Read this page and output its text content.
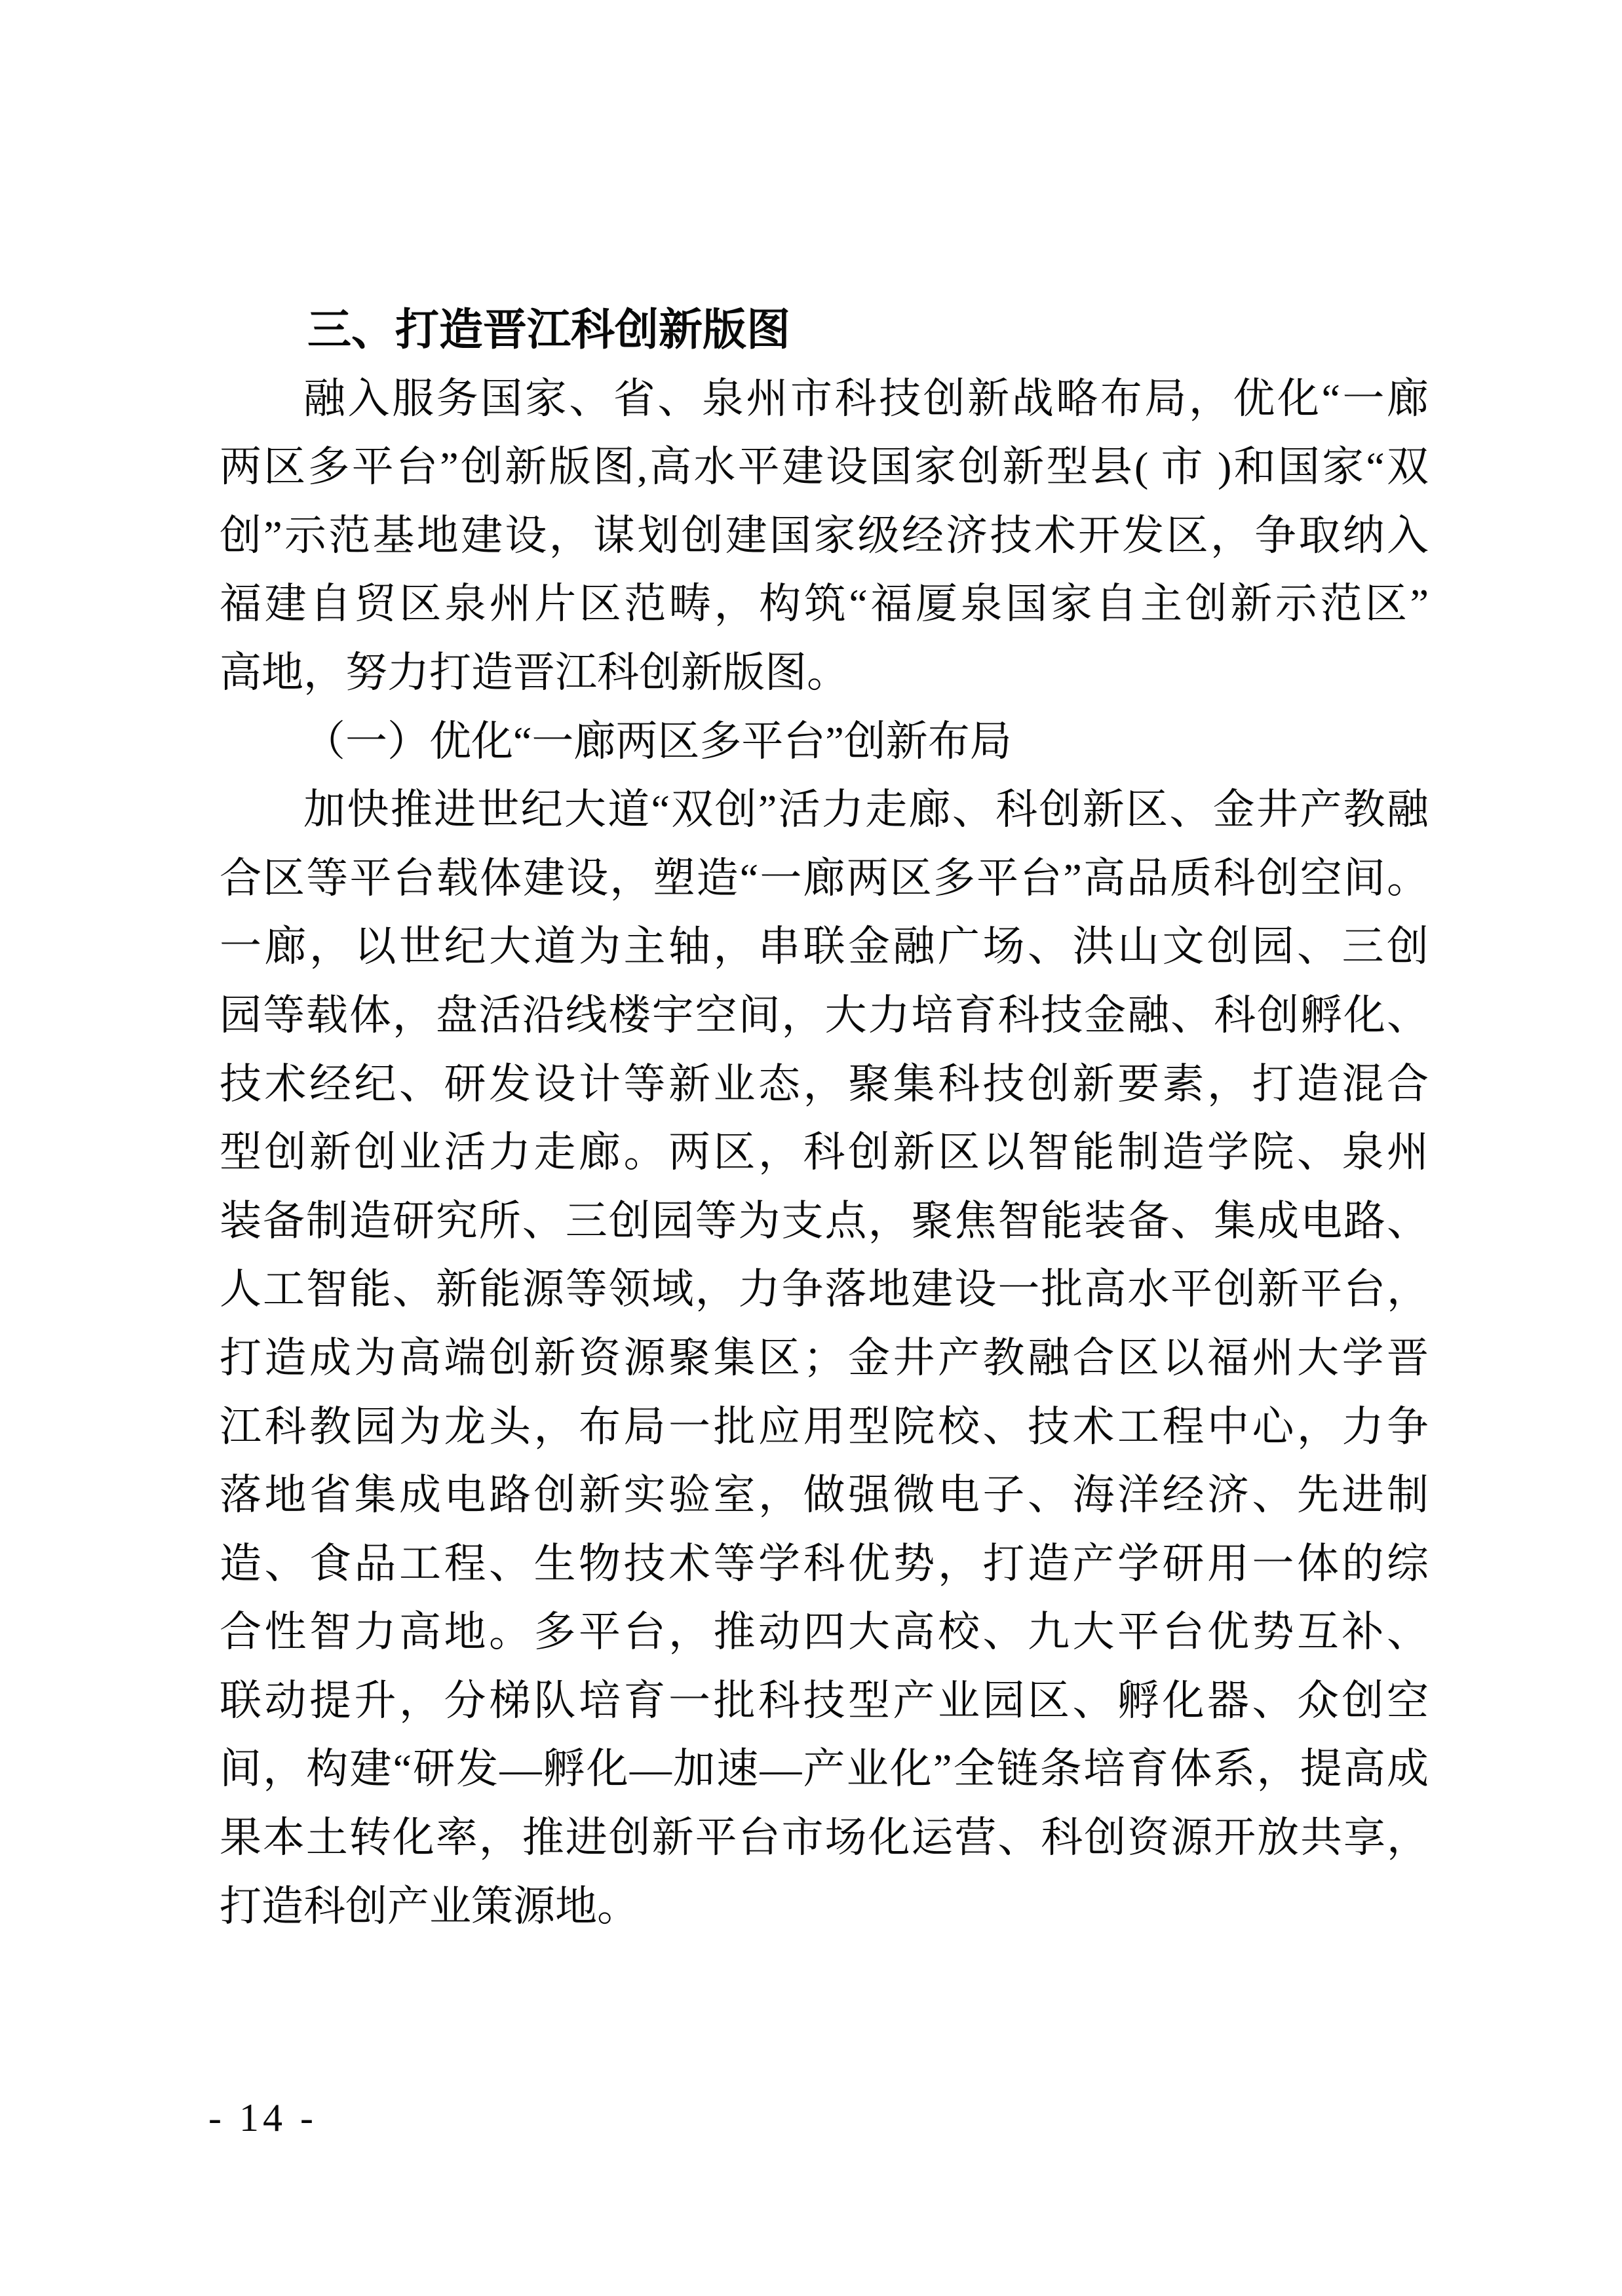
三、打造晋江科创新版图
融入服务国家、省、泉州市科技创新战略布局，优化“一廊
两区多平台”创新版图,高水平建设国家创新型县( 市 )和国家“双
创”示范基地建设，谋划创建国家级经济技术开发区，争取纳入
福建自贸区泉州片区范畴，构筑“福厦泉国家自主创新示范区”
高地，努力打造晋江科创新版图。
（一）优化“一廊两区多平台”创新布局
加快推进世纪大道“双创”活力走廊、科创新区、金井产教融
合区等平台载体建设，塑造“一廊两区多平台”高品质科创空间。
一廊，以世纪大道为主轴，串联金融广场、洪山文创园、三创
园等载体，盘活沿线楼宇空间，大力培育科技金融、科创孵化、
技术经纪、研发设计等新业态，聚集科技创新要素，打造混合
型创新创业活力走廊。两区，科创新区以智能制造学院、泉州
装备制造研究所、三创园等为支点，聚焦智能装备、集成电路、
人工智能、新能源等领域，力争落地建设一批高水平创新平台，
打造成为高端创新资源聚集区；金井产教融合区以福州大学晋
江科教园为龙头，布局一批应用型院校、技术工程中心，力争
落地省集成电路创新实验室，做强微电子、海洋经济、先进制
造、食品工程、生物技术等学科优势，打造产学研用一体的综
合性智力高地。多平台，推动四大高校、九大平台优势互补、
联动提升，分梯队培育一批科技型产业园区、孵化器、众创空
间，构建“研发—孵化—加速—产业化”全链条培育体系，提高成
果本土转化率，推进创新平台市场化运营、科创资源开放共享，
打造科创产业策源地。
- 14 -
